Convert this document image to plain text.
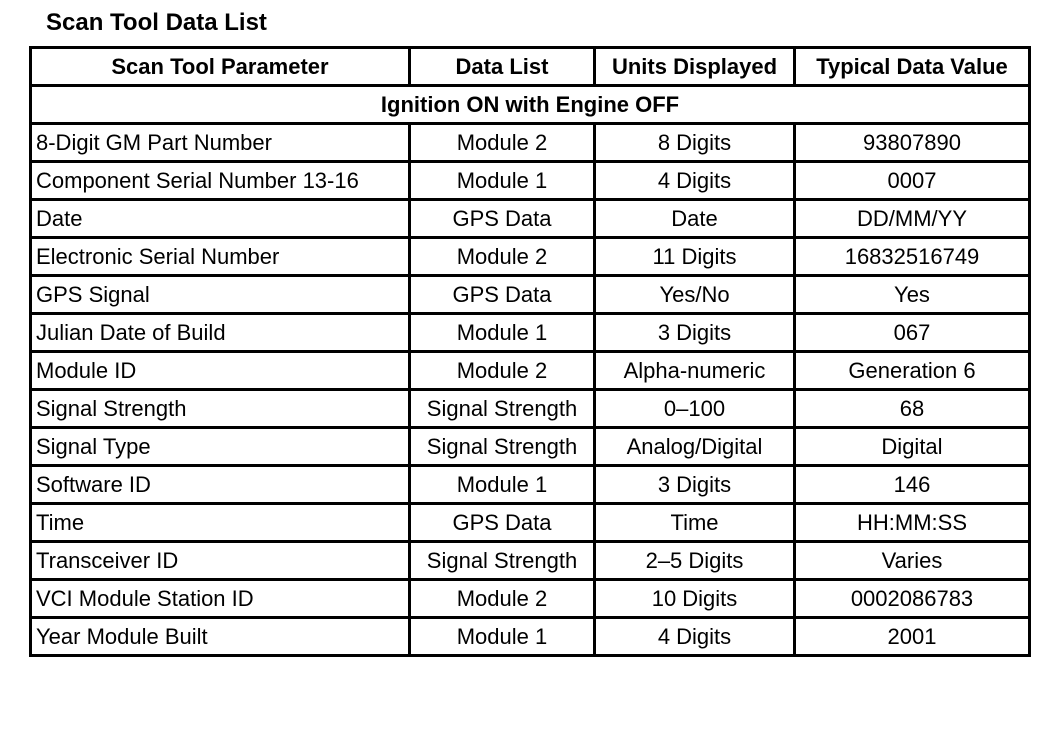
Scan Tool Data List
Scan Tool Parameter	Data List	Units Displayed	Typical Data Value
Ignition ON with Engine OFF			
8-Digit GM Part Number	Module 2	8 Digits	93807890
Component Serial Number 13-16	Module 1	4 Digits	0007
Date	GPS Data	Date	DD/MM/YY
Electronic Serial Number	Module 2	11 Digits	16832516749
GPS Signal	GPS Data	Yes/No	Yes
Julian Date of Build	Module 1	3 Digits	067
Module ID	Module 2	Alpha-numeric	Generation 6
Signal Strength	Signal Strength	0–100	68
Signal Type	Signal Strength	Analog/Digital	Digital
Software ID	Module 1	3 Digits	146
Time	GPS Data	Time	HH:MM:SS
Transceiver ID	Signal Strength	2–5 Digits	Varies
VCI Module Station ID	Module 2	10 Digits	0002086783
Year Module Built	Module 1	4 Digits	2001
